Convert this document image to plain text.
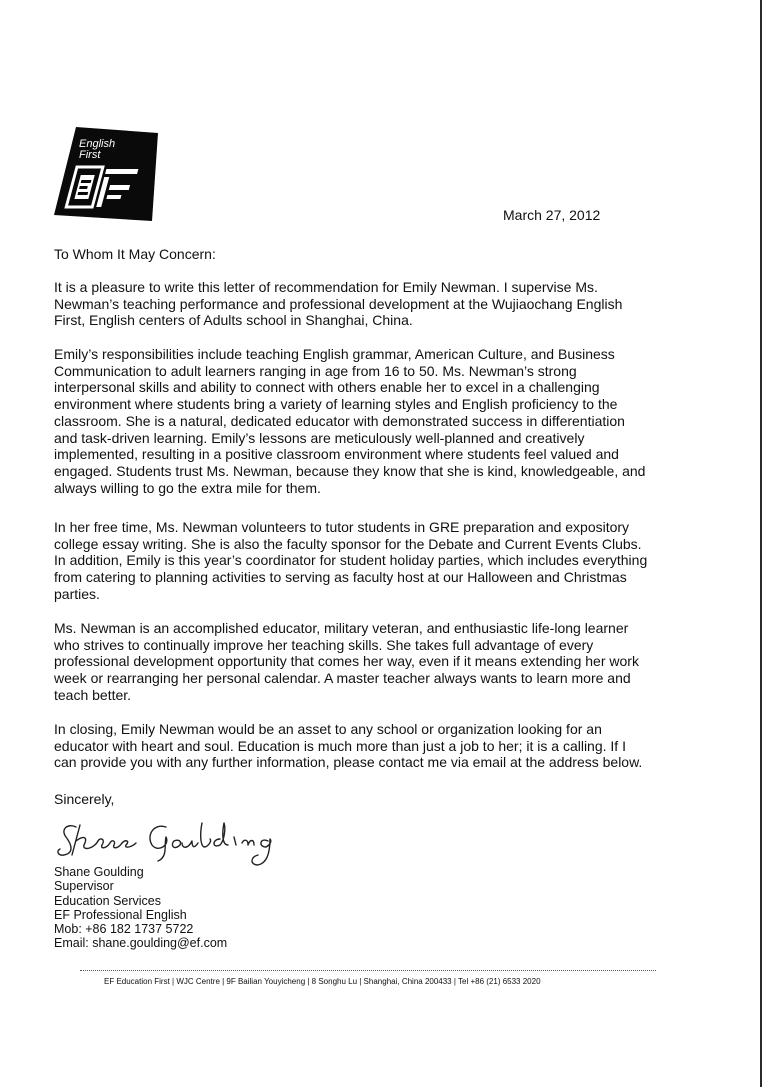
English
First
March 27, 2012
To Whom It May Concern:
It is a pleasure to write this letter of recommendation for Emily Newman. I supervise Ms.
Newman’s teaching performance and professional development at the Wujiaochang English
First, English centers of Adults school in Shanghai, China.
Emily’s responsibilities include teaching English grammar, American Culture, and Business
Communication to adult learners ranging in age from 16 to 50. Ms. Newman’s strong
interpersonal skills and ability to connect with others enable her to excel in a challenging
environment where students bring a variety of learning styles and English proficiency to the
classroom. She is a natural, dedicated educator with demonstrated success in differentiation
and task-driven learning. Emily’s lessons are meticulously well-planned and creatively
implemented, resulting in a positive classroom environment where students feel valued and
engaged. Students trust Ms. Newman, because they know that she is kind, knowledgeable, and
always willing to go the extra mile for them.
In her free time, Ms. Newman volunteers to tutor students in GRE preparation and expository
college essay writing. She is also the faculty sponsor for the Debate and Current Events Clubs.
In addition, Emily is this year’s coordinator for student holiday parties, which includes everything
from catering to planning activities to serving as faculty host at our Halloween and Christmas
parties.
Ms. Newman is an accomplished educator, military veteran, and enthusiastic life-long learner
who strives to continually improve her teaching skills. She takes full advantage of every
professional development opportunity that comes her way, even if it means extending her work
week or rearranging her personal calendar. A master teacher always wants to learn more and
teach better.
In closing, Emily Newman would be an asset to any school or organization looking for an
educator with heart and soul. Education is much more than just a job to her; it is a calling. If I
can provide you with any further information, please contact me via email at the address below.
Sincerely,
Shane Goulding
Supervisor
Education Services
EF Professional English
Mob: +86 182 1737 5722
Email: shane.goulding@ef.com
EF Education First | WJC Centre | 9F Bailian Youyicheng | 8 Songhu Lu | Shanghai, China 200433 | Tel +86 (21) 6533 2020
